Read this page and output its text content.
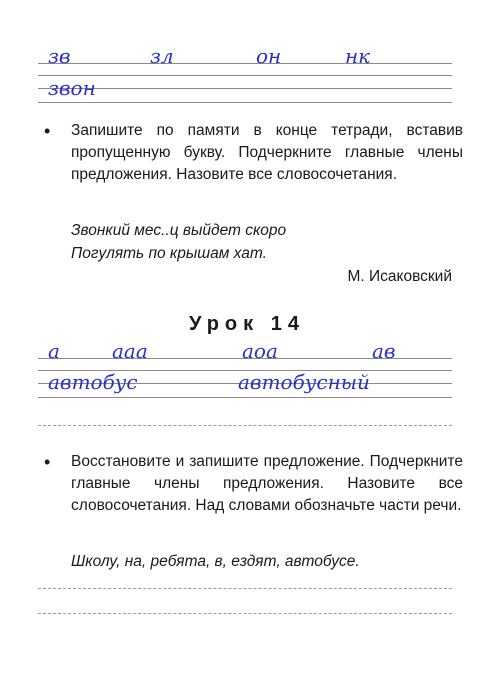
зв	зл	он	нк
звон
• Запишите по памяти в конце тетради, вставив пропущенную букву. Подчеркните главные члены предложения. Назовите все словосочетания.
Звонкий мес..ц выйдет скоро
Погулять по крышам хат.
М. Исаковский
Урок 14
а	ааа	аоа	ав
автобус	автобусный
• Восстановите и запишите предложение. Подчеркните главные члены предложения. Назовите все словосочетания. Над словами обозначьте части речи.
Школу, на, ребята, в, ездят, автобусе.
